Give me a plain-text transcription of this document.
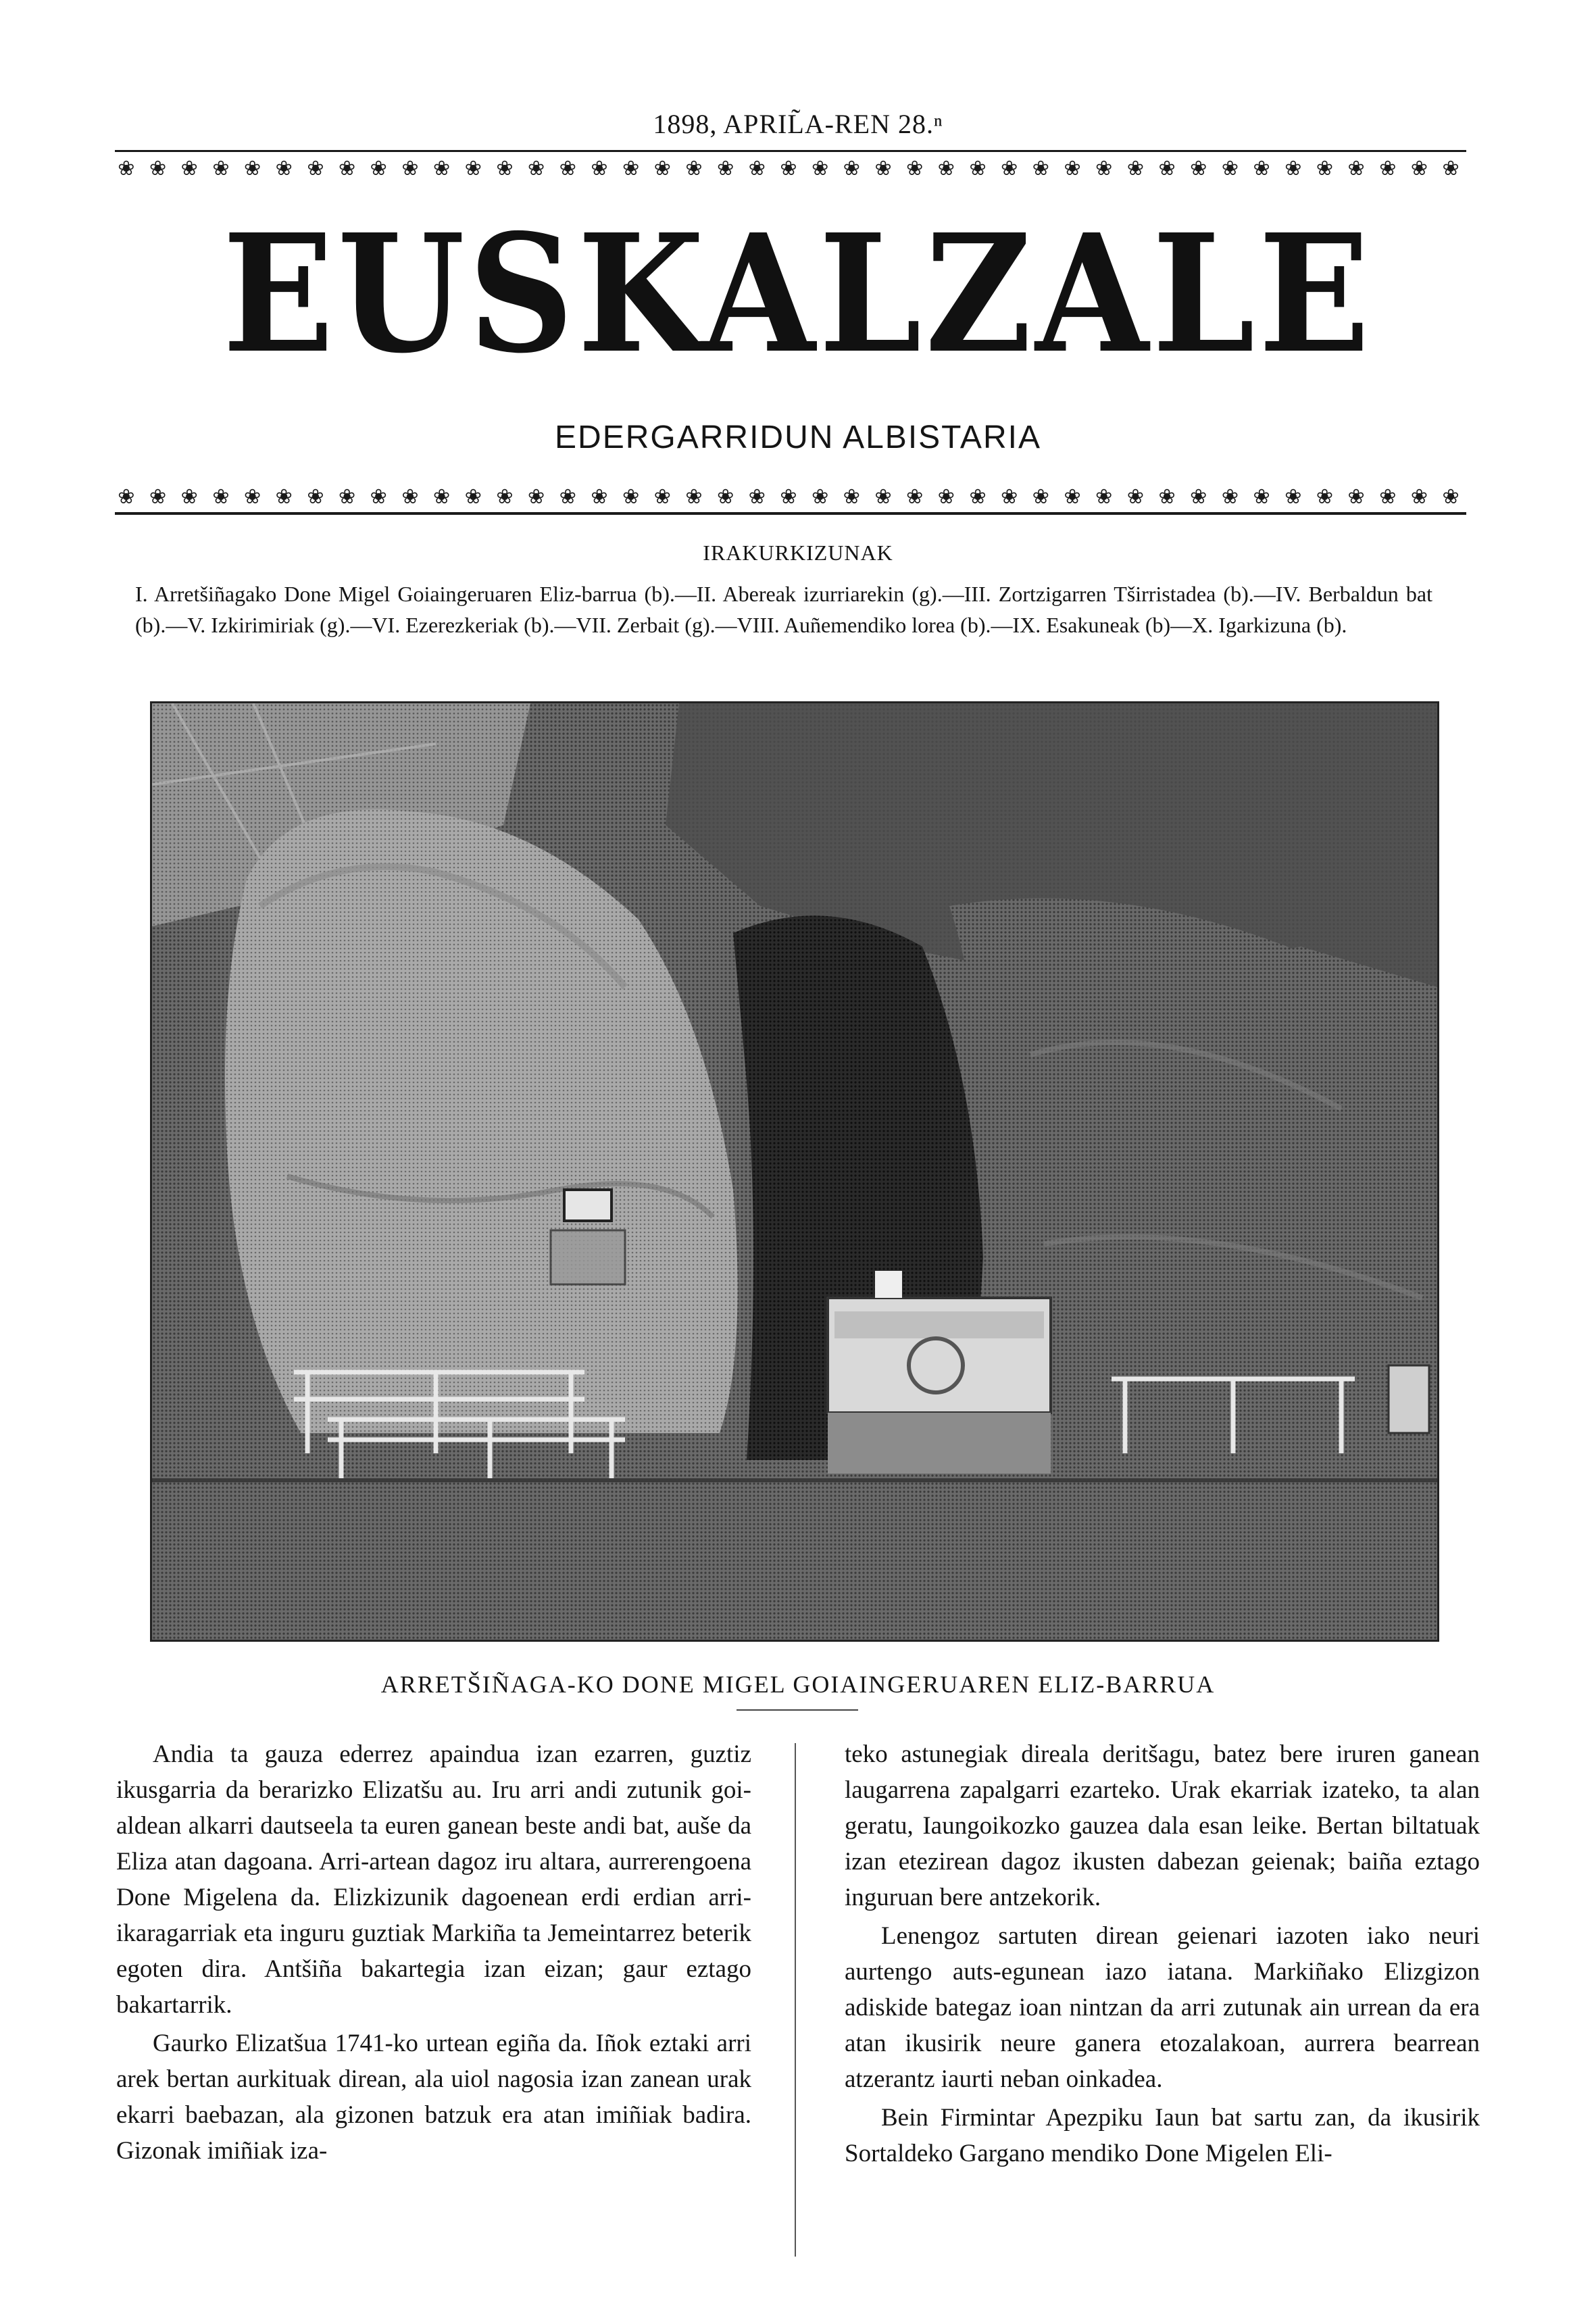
1898, APRIL̃A-REN 28.ⁿ
❀ ❀ ❀ ❀ ❀ ❀ ❀ ❀ ❀ ❀ ❀ ❀ ❀ ❀ ❀ ❀ ❀ ❀ ❀ ❀ ❀ ❀ ❀ ❀ ❀ ❀ ❀ ❀ ❀ ❀ ❀ ❀ ❀ ❀ ❀ ❀ ❀ ❀ ❀ ❀ ❀ ❀ ❀
EUSKALZALE
EDERGARRIDUN ALBISTARIA
❀ ❀ ❀ ❀ ❀ ❀ ❀ ❀ ❀ ❀ ❀ ❀ ❀ ❀ ❀ ❀ ❀ ❀ ❀ ❀ ❀ ❀ ❀ ❀ ❀ ❀ ❀ ❀ ❀ ❀ ❀ ❀ ❀ ❀ ❀ ❀ ❀ ❀ ❀ ❀ ❀ ❀ ❀
IRAKURKIZUNAK
I. Arretšiñagako Done Migel Goiaingeruaren Eliz-barrua (b).—II. Abereak izurriarekin (g).—III. Zortzigarren Tširristadea (b).—IV. Berbaldun bat (b).—V. Izkirimiriak (g).—VI. Ezerezkeriak (b).—VII. Zerbait (g).—VIII. Auñemendiko lorea (b).—IX. Esakuneak (b)—X. Igarkizuna (b).
ARRETŠIÑAGA-KO DONE MIGEL GOIAINGERUAREN ELIZ-BARRUA

Andia ta gauza ederrez apaindua izan ezarren, guztiz ikusgarria da berarizko Elizatšu au. Iru arri andi zutunik goi-aldean alkarri dautseela ta euren ganean beste andi bat, auše da Eliza atan dagoana. Arri-artean dagoz iru altara, aurrerengoena Done Migelena da. Elizkizunik dagoenean erdi erdian arri-ikaragarriak eta inguru guztiak Markiña ta Jemeintarrez beterik egoten dira. Antšiña bakartegia izan eizan; gaur eztago bakartarrik.

Gaurko Elizatšua 1741-ko urtean egiña da. Iñok eztaki arri arek bertan aurkituak direan, ala uiol nagosia izan zanean urak ekarri baebazan, ala gizonen batzuk era atan imiñiak badira. Gizonak imiñiak iza-

teko astunegiak direala deritšagu, batez bere iruren ganean laugarrena zapalgarri ezarteko. Urak ekarriak izateko, ta alan geratu, Iaungoikozko gauzea dala esan leike. Bertan biltatuak izan etezirean dagoz ikusten dabezan geienak; baiña eztago inguruan bere antzekorik.

Lenengoz sartuten direan geienari iazoten iako neuri aurtengo auts-egunean iazo iatana. Markiñako Elizgizon adiskide bategaz ioan nintzan da arri zutunak ain urrean da era atan ikusirik neure ganera etozalakoan, aurrera bearrean atzerantz iaurti neban oinkadea.

Bein Firmintar Apezpiku Iaun bat sartu zan, da ikusirik Sortaldeko Gargano mendiko Done Migelen Eli-
